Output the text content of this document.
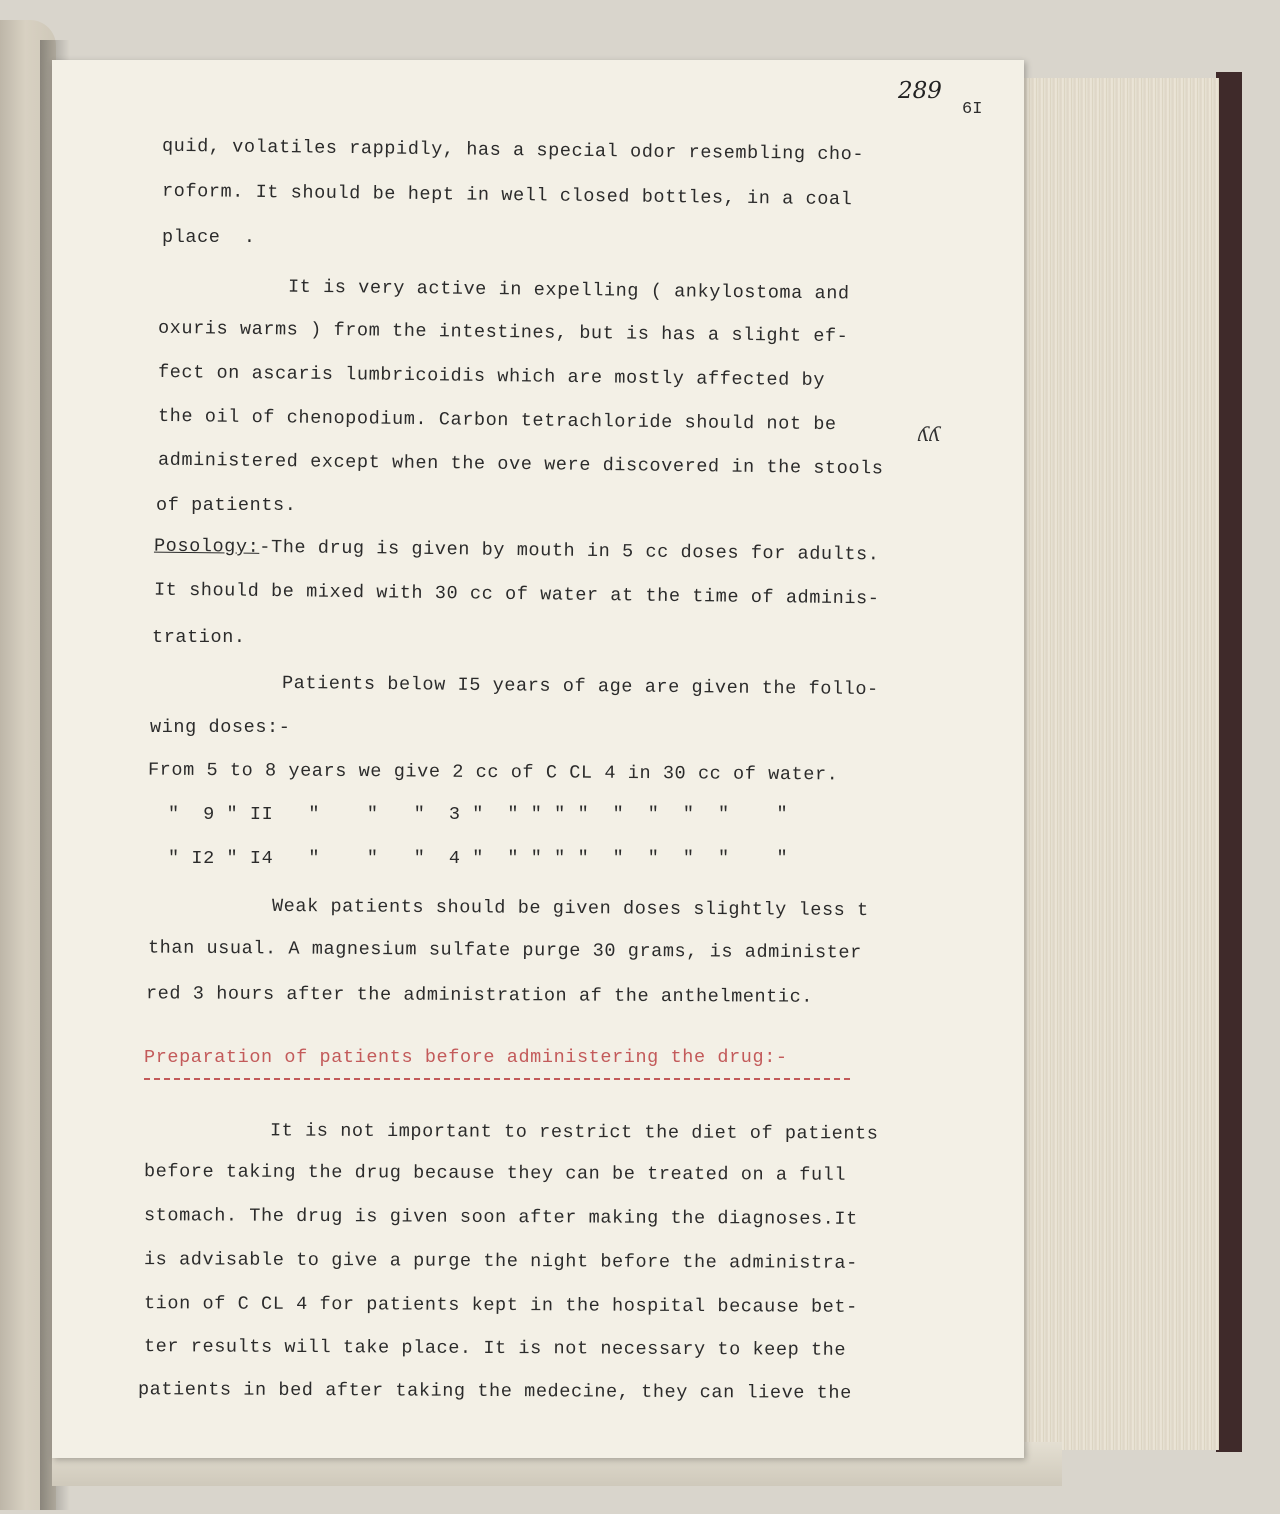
289
6I
quid, volatiles rappidly, has a special odor resembling cho-
roform. It should be hept in well closed bottles, in a coal
place  .
It is very active in expelling ( ankylostoma and
oxuris warms ) from the intestines, but is has a slight ef-
fect on ascaris lumbricoidis which are mostly affected by
the oil of chenopodium. Carbon tetrachloride should not be	ʎʎ
administered except when the ove were discovered in the stools
of patients.
Posology:-The drug is given by mouth in 5 cc doses for adults.
It should be mixed with 30 cc of water at the time of adminis-
tration.
Patients below I5 years of age are given the follo-
wing doses:-
From 5 to 8 years we give 2 cc of C CL 4 in 30 cc of water.
"  9 " II   "    "   "  3 "  " " " "  "  "  "  "    "
" I2 " I4   "    "   "  4 "  " " " "  "  "  "  "    "
Weak patients should be given doses slightly less t
than usual. A magnesium sulfate purge 30 grams, is administer
red 3 hours after the administration af the anthelmentic.
Preparation of patients before administering the drug:-
It is not important to restrict the diet of patients
before taking the drug because they can be treated on a full
stomach. The drug is given soon after making the diagnoses.It
is advisable to give a purge the night before the administra-
tion of C CL 4 for patients kept in the hospital because bet-
ter results will take place. It is not necessary to keep the
patients in bed after taking the medecine, they can lieve the
